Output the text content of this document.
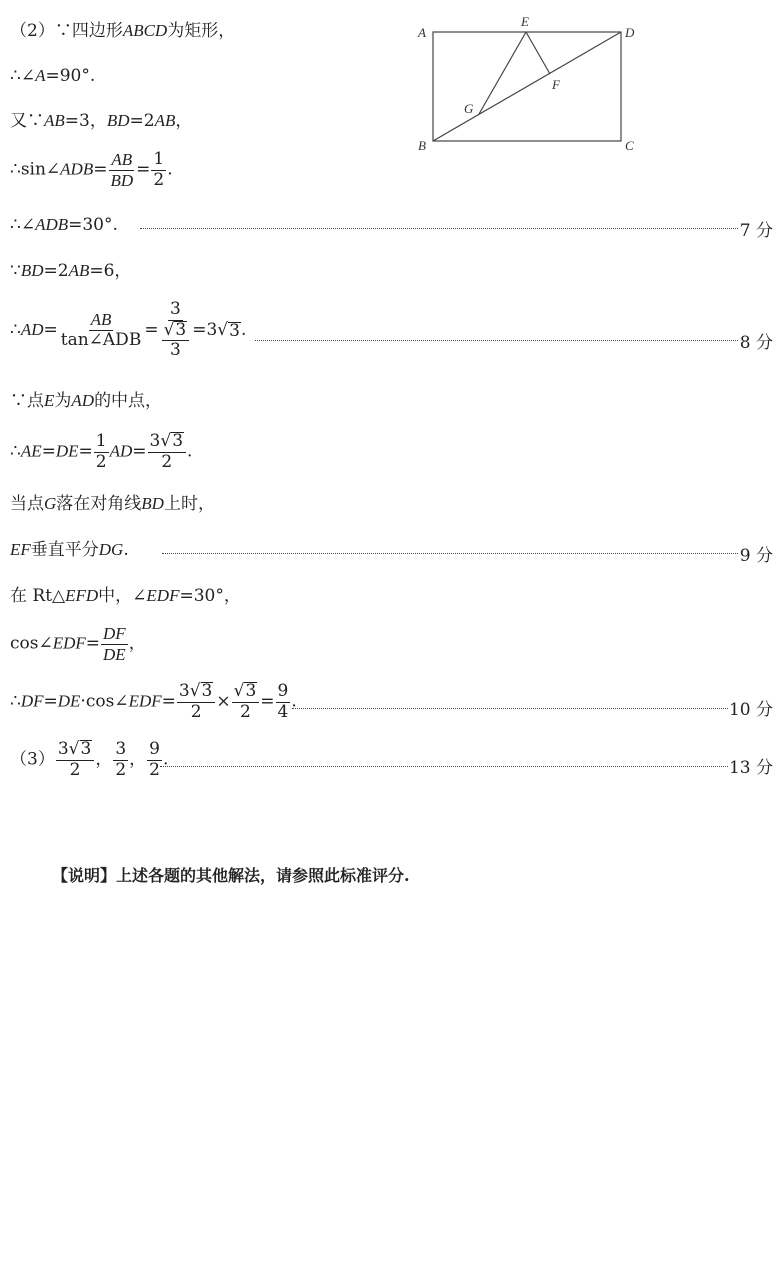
A
E
D
F
G
B	C
（2）∵四边形ABCD为矩形，
∴∠A=90°.
又∵AB=3，BD=2AB，
∴sin∠ADB= $\frac{AB}{BD} = \frac{1}{2}$ .
∴∠ADB=30°.	7 分
∵BD=2AB=6，
∴AD=
AB
tan∠ADB = $\frac{3}{\frac{√ 3}{3}} =3$ √ 3 .
8 分
∵点E为AD的中点，
∴AE=DE= $\frac{1}{2} AD= \frac{3 √ 3}{2}$ .
当点G落在对角线BD上时，
EF垂直平分DG.	9 分
在 Rt△EFD中，∠EDF=30°，
cos∠EDF= $\frac{DF}{DE}$ ，
∴DF=DE·cos∠EDF= $\frac{3 √ 3}{2} \times \frac{√ 3}{2} = \frac{9}{4}$ .	10 分
$(3) \frac{3 √ 3}{2}$ ， $\frac{3}{2}$ ， $\frac{9}{2}$ .	13 分
【说明】上述各题的其他解法，请参照此标准评分.
